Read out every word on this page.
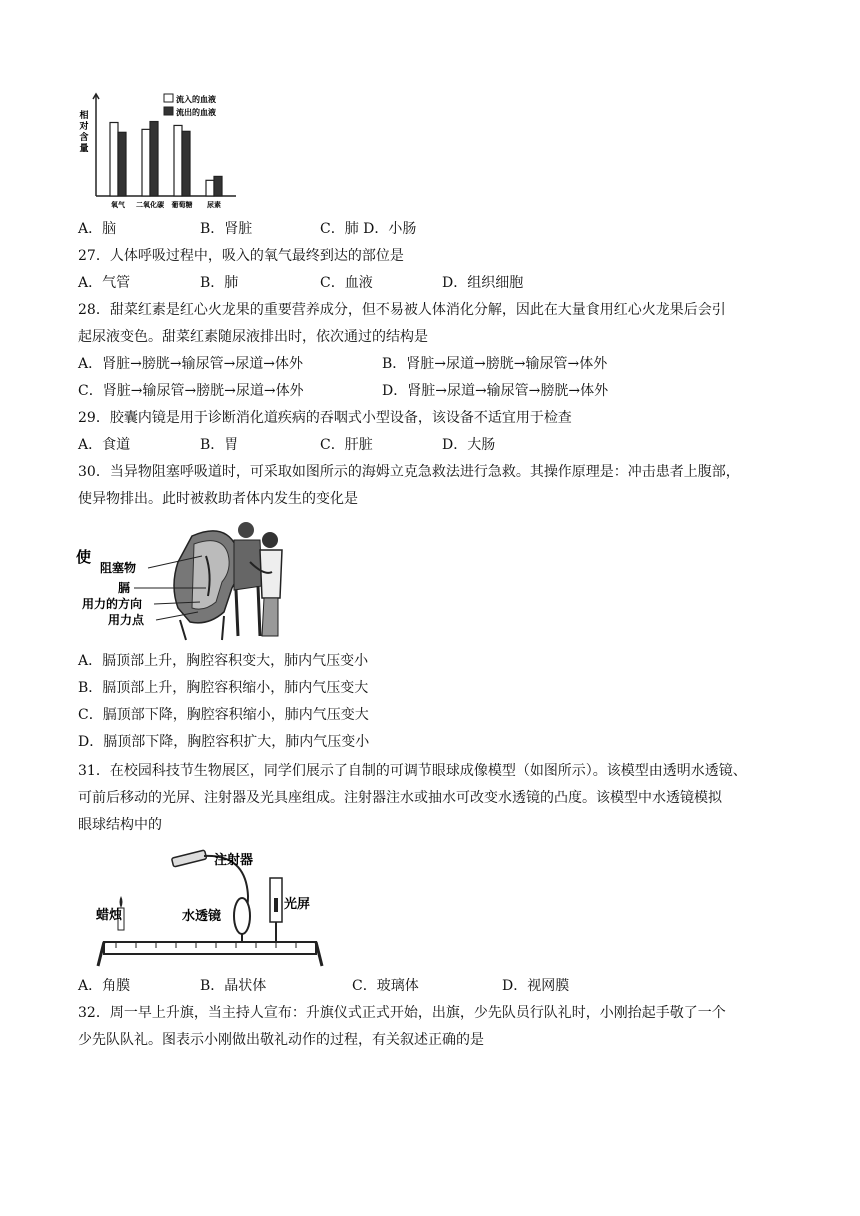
相对含量
氧气 二氧化碳 葡萄糖 尿素
流入的血液
流出的血液
A．脑	B．肾脏	C．肺 D．小肠
27．人体呼吸过程中，吸入的氧气最终到达的部位是
A．气管	B．肺	C．血液	D．组织细胞
28．甜菜红素是红心火龙果的重要营养成分，但不易被人体消化分解，因此在大量食用红心火龙果后会引
起尿液变色。甜菜红素随尿液排出时，依次通过的结构是
A．肾脏→膀胱→输尿管→尿道→体外	B．肾脏→尿道→膀胱→输尿管→体外
C．肾脏→输尿管→膀胱→尿道→体外	D．肾脏→尿道→输尿管→膀胱→体外
29．胶囊内镜是用于诊断消化道疾病的吞咽式小型设备，该设备不适宜用于检查
A．食道	B．胃	C．肝脏	D．大肠
30．当异物阻塞呼吸道时，可采取如图所示的海姆立克急救法进行急救。其操作原理是：冲击患者上腹部，
使异物排出。此时被救助者体内发生的变化是
使
阻塞物
膈
用力的方向
用力点
A．膈顶部上升，胸腔容积变大，肺内气压变小
B．膈顶部上升，胸腔容积缩小，肺内气压变大
C．膈顶部下降，胸腔容积缩小，肺内气压变大
D．膈顶部下降，胸腔容积扩大，肺内气压变小
31．在校园科技节生物展区，同学们展示了自制的可调节眼球成像模型（如图所示）。该模型由透明水透镜、
可前后移动的光屏、注射器及光具座组成。注射器注水或抽水可改变水透镜的凸度。该模型中水透镜模拟
眼球结构中的
注射器
蜡烛	水透镜
光屏
A．角膜	B．晶状体	C．玻璃体	D．视网膜
32．周一早上升旗，当主持人宣布：升旗仪式正式开始，出旗，少先队员行队礼时，小刚抬起手敬了一个
少先队队礼。图表示小刚做出敬礼动作的过程，有关叙述正确的是
